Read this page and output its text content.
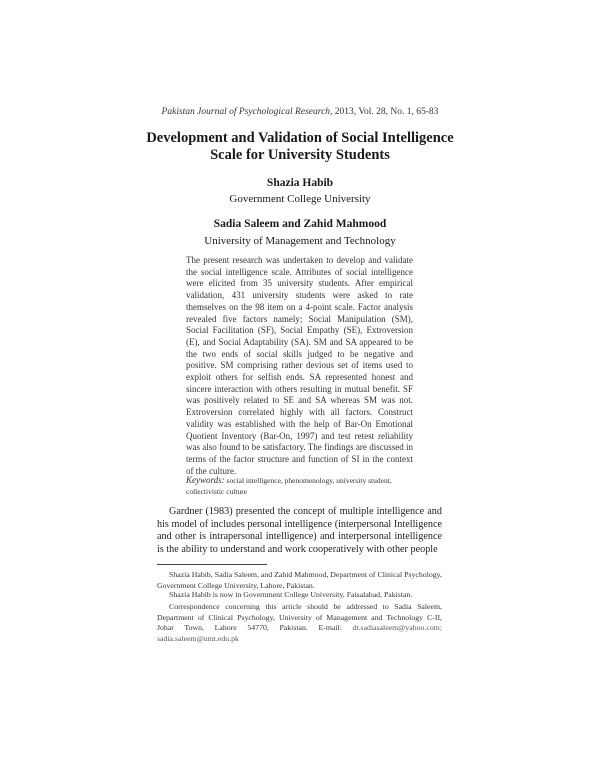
Pakistan Journal of Psychological Research, 2013, Vol. 28, No. 1, 65-83
Development and Validation of Social Intelligence
Scale for University Students
Shazia Habib
Government College University
Sadia Saleem and Zahid Mahmood
University of Management and Technology
The present research was undertaken to develop and validate the social intelligence scale. Attributes of social intelligence were elicited from 35 university students. After empirical validation, 431 university students were asked to rate themselves on the 98 item on a 4-point scale. Factor analysis revealed five factors namely; Social Manipulation (SM), Social Facilitation (SF), Social Empathy (SE), Extroversion (E), and Social Adaptability (SA). SM and SA appeared to be the two ends of social skills judged to be negative and positive. SM comprising rather devious set of items used to exploit others for selfish ends. SA represented honest and sincere interaction with others resulting in mutual benefit. SF was positively related to SE and SA whereas SM was not. Extroversion correlated highly with all factors. Construct validity was established with the help of Bar-On Emotional Quotient Inventory (Bar-On, 1997) and test retest reliability was also found to be satisfactory. The findings are discussed in terms of the factor structure and function of SI in the context of the culture.
Keywords: social intelligence, phenomenology, university student, collectivistic culture
Gardner (1983) presented the concept of multiple intelligence and his model of includes personal intelligence (interpersonal Intelligence and other is intrapersonal intelligence) and interpersonal intelligence is the ability to understand and work cooperatively with other people
Shazia Habib, Sadia Saleem, and Zahid Mahmood, Department of Clinical Psychology, Government College University, Lahore, Pakistan.
Shazia Habib is now in Government College University, Faisalabad, Pakistan.
Correspondence concerning this article should be addressed to Sadia Saleem, Department of Clinical Psychology, University of Management and Technology C-II, Johar Town, Lahore 54770, Pakistan. E-mail: dr.sadiasaleem@yahoo.com; sadia.saleem@umt.edu.pk
